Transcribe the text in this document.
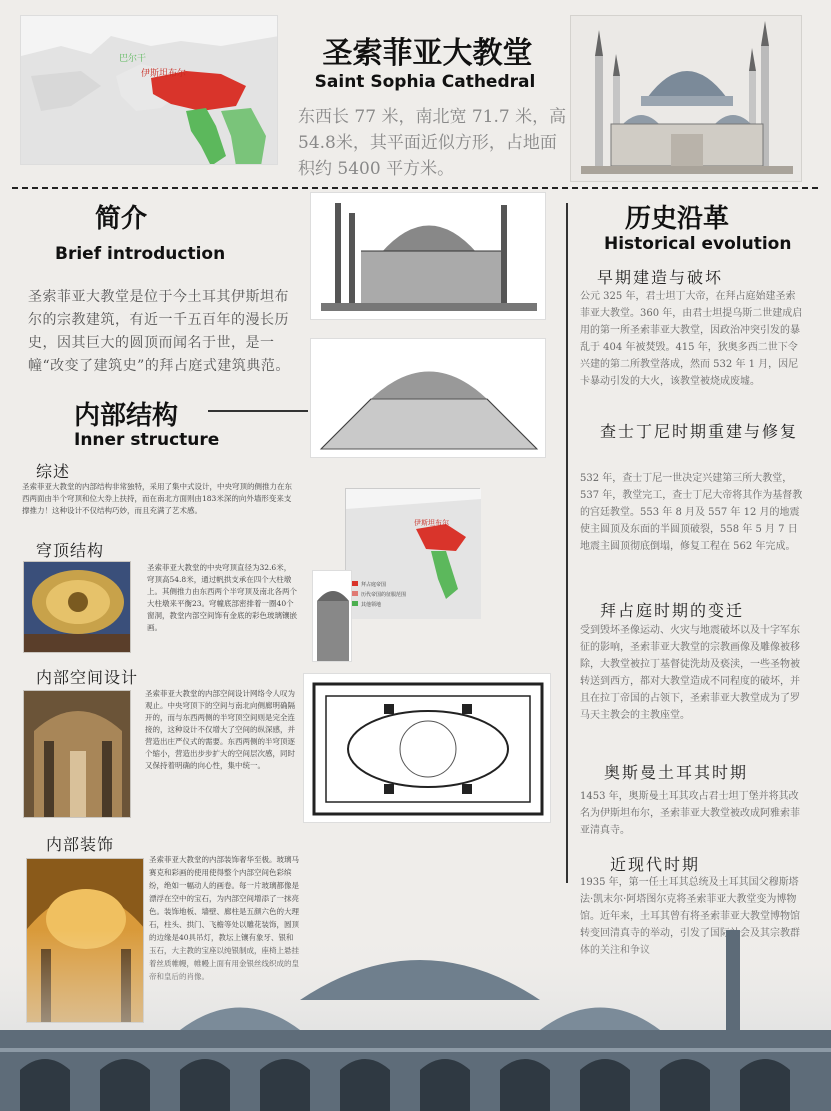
巴尔干
伊斯坦布尔
圣索菲亚大教堂
Saint Sophia Cathedral
东西长 77 米，南北宽 71.7 米，高54.8米，其平面近似方形，占地面积约 5400 平方米。
简介
Brief introduction
圣索菲亚大教堂是位于今土耳其伊斯坦布尔的宗教建筑，有近一千五百年的漫长历史，因其巨大的圆顶而闻名于世，是一幢“改变了建筑史”的拜占庭式建筑典范。
内部结构
Inner structure
综述
圣索菲亚大教堂的内部结构非常独特，采用了集中式设计，中央穹顶的侧推力在东西两面由半个穹顶和位大券上扶持，而在南北方面则由183米深的向外墙形变来支撑推力！这种设计不仅结构巧妙，而且充满了艺术感。
穹顶结构
圣索菲亚大教堂的中央穹顶直径为32.6米，穹顶高54.8米，通过帆拱支承在四个大柱墩上。其侧推力由东西两个半穹顶及南北各两个大柱墩来平衡23。穹幢底部密排着一圈40个窗洞，教堂内部空间饰有金底的彩色玻璃镶嵌画。
内部空间设计
圣索菲亚大教堂的内部空间设计网络令人叹为观止。中央穹顶下的空间与南北向侧廊明确隔开的，而与东西两侧的半穹顶空间则是完全连接的，这种设计不仅增大了空间的纵深感，并营造出庄严仪式的需要。东西两侧的半穹顶逐个缩小，营造出步步扩大的空间层次感，同时又保持着明确的向心性，集中统一。
内部装饰
圣索菲亚大教堂的内部装饰奢华至极。玻璃马赛克和彩画的使用使得整个内部空间色彩缤纷，绝如一幅动人的画卷。每一片玻璃都像是漂浮在空中的宝石，为内部空间增添了一抹亮色。装饰地板、墙壁、廊柱是五颜六色的大理石，柱头、拱门、飞檐等处以雕花装饰，圆顶
伊斯坦布尔
拜占庭帝国
历代帝国的征服范围
其他领地
历史沿革
Historical evolution
早期建造与破坏
公元 325 年，君士坦丁大帝，在拜占庭始建圣索菲亚大教堂。360 年，由君士坦提乌斯二世建成启用的第一所圣索菲亚大教堂，因政治冲突引发的暴乱于 404 年被焚毁。415 年，狄奥多西二世下令兴建的第二所教堂落成，然而 532 年 1 月，因尼卡暴动引发的大火，该教堂被烧成废墟。
查士丁尼时期重建与修复
532 年，查士丁尼一世决定兴建第三所大教堂，537 年，教堂完工，查士丁尼大帝将其作为基督教的宫廷教堂。553 年 8 月及 557 年 12 月的地震使主圆顶及东面的半圆顶破裂，558 年 5 月 7 日地震主圆顶彻底倒塌，修复工程在 562 年完成。
拜占庭时期的变迁
受到毁坏圣像运动、火灾与地震破坏以及十字军东征的影响，圣索菲亚大教堂的宗教画像及雕像被移除，大教堂被拉丁基督徒洗劫及亵渎，一些圣物被转送到西方，都对大教堂造成不同程度的破坏，并且在拉丁帝国的占领下，圣索菲亚大教堂成为了罗马天主教会的主教座堂。
奥斯曼土耳其时期
1453 年，奥斯曼土耳其攻占君士坦丁堡并将其改名为伊斯坦布尔，圣索菲亚大教堂被改成阿雅索菲亚清真寺。
近现代时期
1935 年，第一任土耳其总统及土耳其国父穆斯塔法·凯末尔·阿塔图尔克将圣索菲亚大教堂变为博物馆。近年来，土耳其曾有将圣索菲亚大教堂博物馆
